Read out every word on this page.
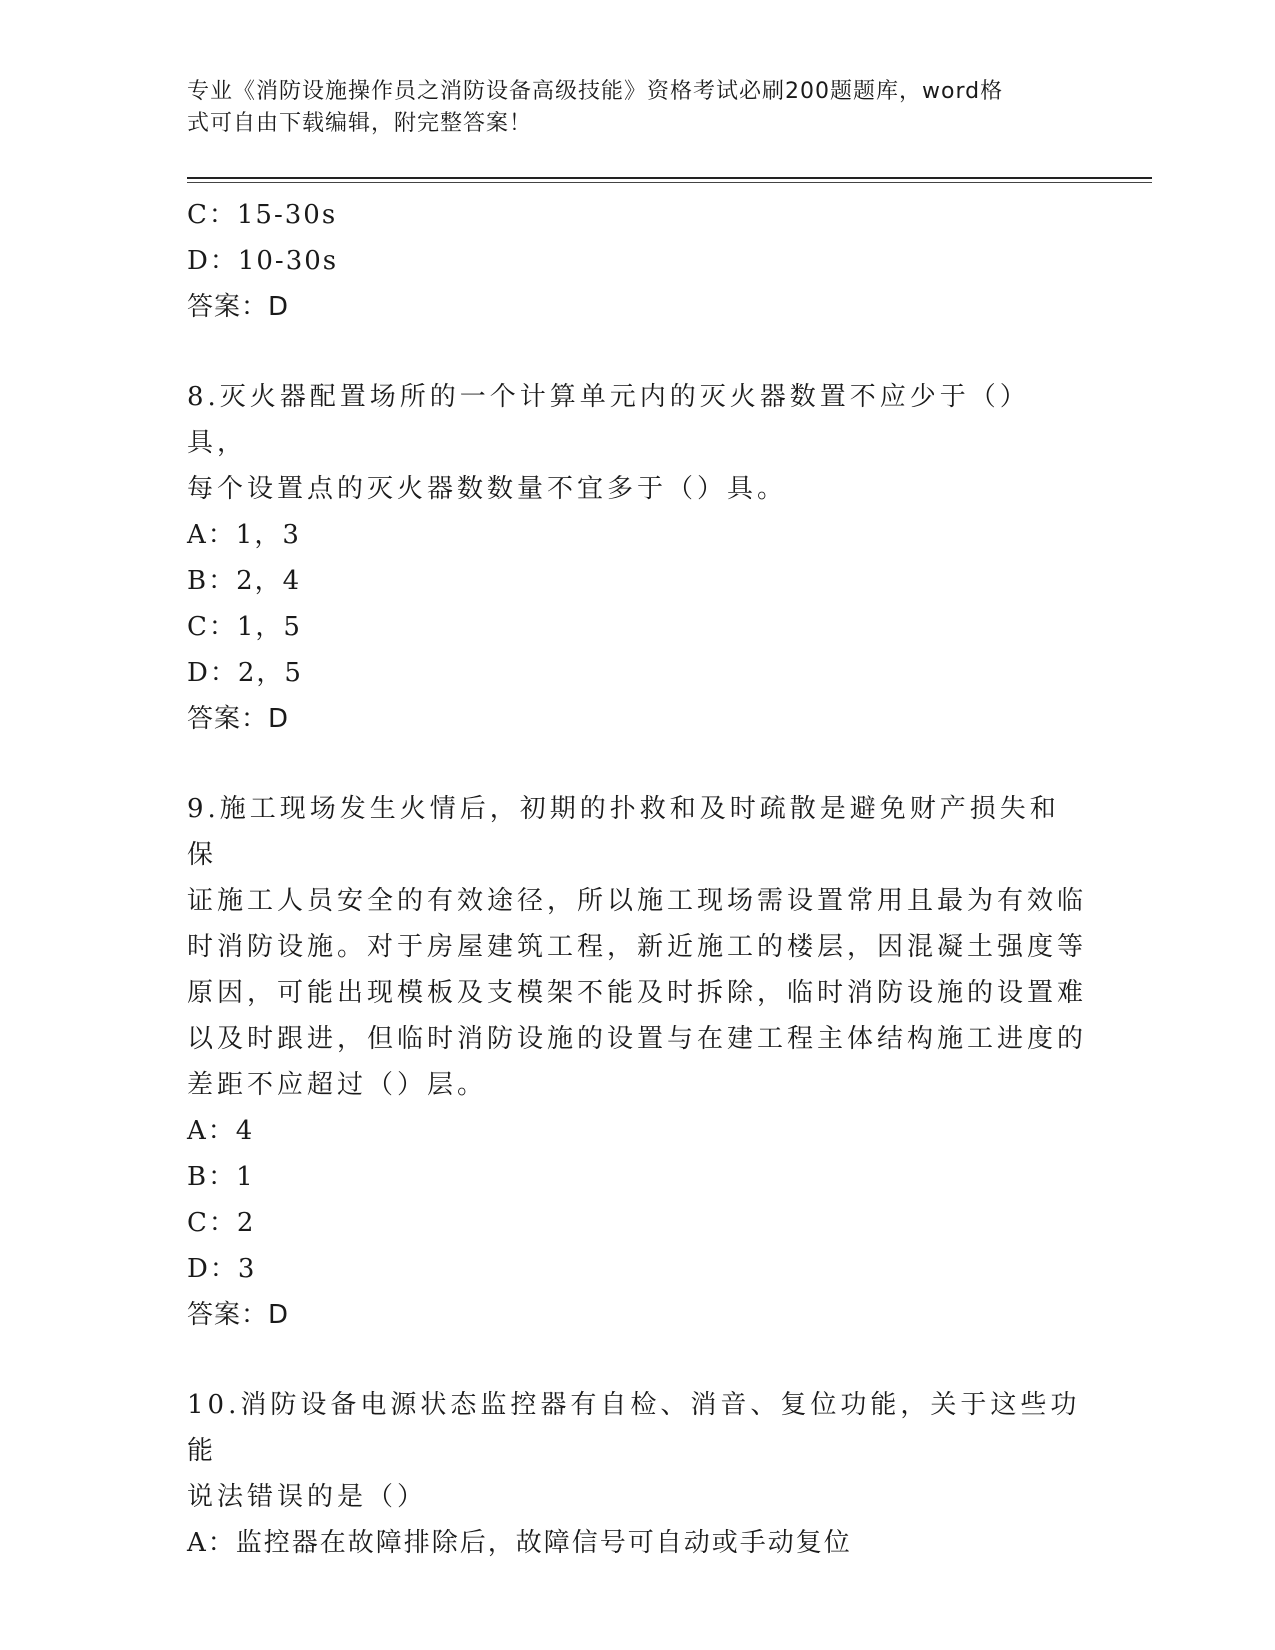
专业《消防设施操作员之消防设备高级技能》资格考试必刷200题题库，word格
式可自由下载编辑，附完整答案！
C：15-30s
D：10-30s
答案：D
8.灭火器配置场所的一个计算单元内的灭火器数置不应少于（）具，
每个设置点的灭火器数数量不宜多于（）具。
A：1，3
B：2，4
C：1，5
D：2，5
答案：D
9.施工现场发生火情后，初期的扑救和及时疏散是避免财产损失和保
证施工人员安全的有效途径，所以施工现场需设置常用且最为有效临
时消防设施。对于房屋建筑工程，新近施工的楼层，因混凝土强度等
原因，可能出现模板及支模架不能及时拆除，临时消防设施的设置难
以及时跟进，但临时消防设施的设置与在建工程主体结构施工进度的
差距不应超过（）层。
A：4
B：1
C：2
D：3
答案：D
10.消防设备电源状态监控器有自检、消音、复位功能，关于这些功能
说法错误的是（）
A：监控器在故障排除后，故障信号可自动或手动复位
